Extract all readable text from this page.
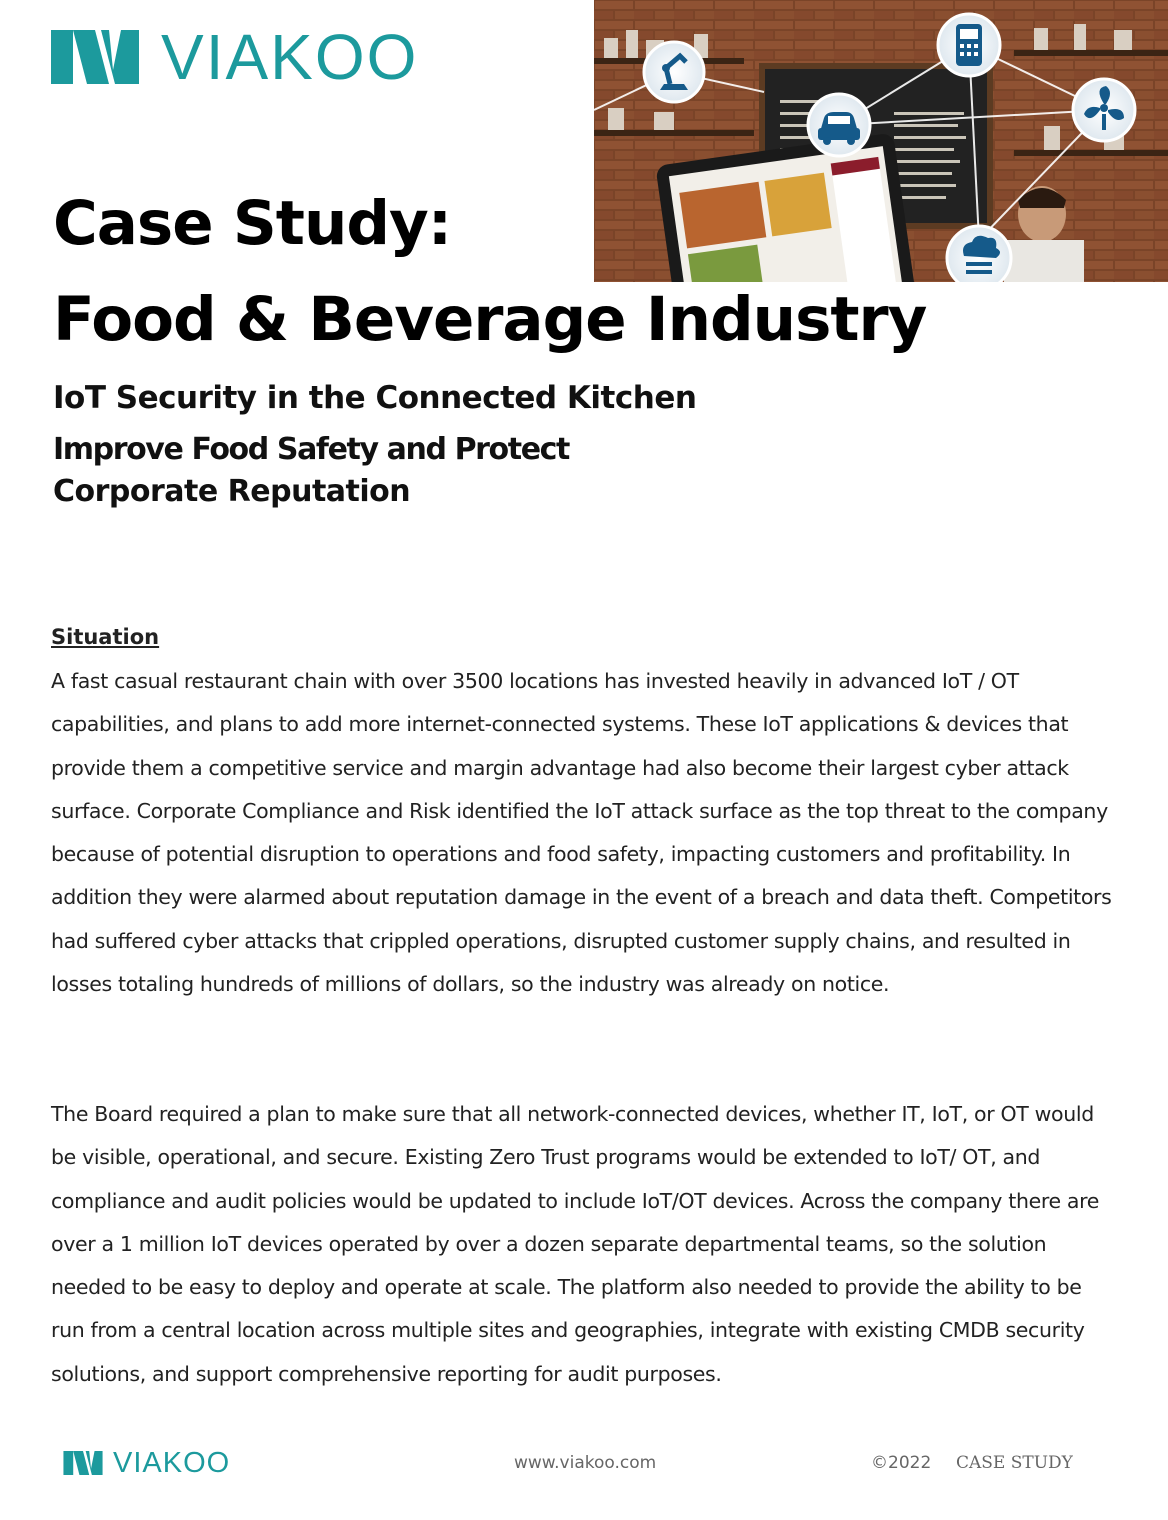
VIAKOO
Case Study:
Food & Beverage Industry
IoT Security in the Connected Kitchen
Improve Food Safety and Protect
Corporate Reputation
Situation

A fast casual restaurant chain with over 3500 locations has invested heavily in advanced IoT / OT capabilities, and plans to add more internet-connected systems. These IoT applications & devices that provide them a competitive service and margin advantage had also become their largest cyber attack surface. Corporate Compliance and Risk identified the IoT attack surface as the top threat to the company because of potential disruption to operations and food safety, impacting customers and profitability. In addition they were alarmed about reputation damage in the event of a breach and data theft. Competitors had suffered cyber attacks that crippled operations, disrupted customer supply chains, and resulted in losses totaling hundreds of millions of dollars, so the industry was already on notice.

The Board required a plan to make sure that all network-connected devices, whether IT, IoT, or OT would be visible, operational, and secure. Existing Zero Trust programs would be extended to IoT/ OT, and compliance and audit policies would be updated to include IoT/OT devices. Across the company there are over a 1 million IoT devices operated by over a dozen separate departmental teams, so the solution needed to be easy to deploy and operate at scale. The platform also needed to provide the ability to be run from a central location across multiple sites and geographies, integrate with existing CMDB security solutions, and support comprehensive reporting for audit purposes.

VIAKOO	www.viakoo.com	©2022 CASE STUDY
